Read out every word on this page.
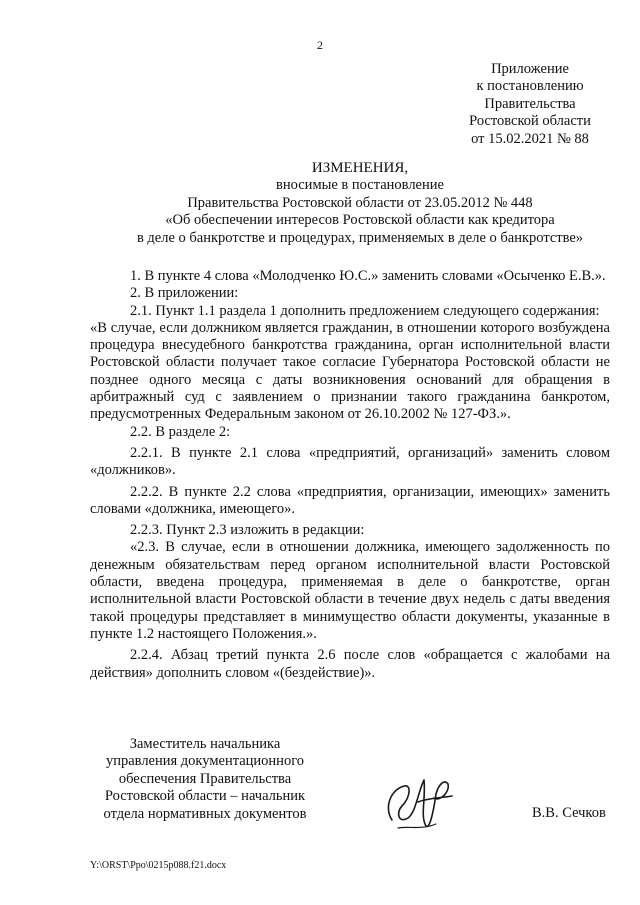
2
Приложение
к постановлению
Правительства
Ростовской области
от 15.02.2021 № 88
ИЗМЕНЕНИЯ,
вносимые в постановление
Правительства Ростовской области от 23.05.2012 № 448
«Об обеспечении интересов Ростовской области как кредитора
в деле о банкротстве и процедурах, применяемых в деле о банкротстве»

1. В пункте 4 слова «Молодченко Ю.С.» заменить словами «Осыченко Е.В.».

2. В приложении:

2.1. Пункт 1.1 раздела 1 дополнить предложением следующего содержания:

«В случае, если должником является гражданин, в отношении которого возбуждена процедура внесудебного банкротства гражданина, орган исполнительной власти Ростовской области получает такое согласие Губернатора Ростовской области не позднее одного месяца с даты возникновения оснований для обращения в арбитражный суд с заявлением о признании такого гражданина банкротом, предусмотренных Федеральным законом от 26.10.2002 № 127-ФЗ.».

2.2. В разделе 2:

2.2.1. В пункте 2.1 слова «предприятий, организаций» заменить словом «должников».

2.2.2. В пункте 2.2 слова «предприятия, организации, имеющих» заменить словами «должника, имеющего».

2.2.3. Пункт 2.3 изложить в редакции:

«2.3. В случае, если в отношении должника, имеющего задолженность по денежным обязательствам перед органом исполнительной власти Ростовской области, введена процедура, применяемая в деле о банкротстве, орган исполнительной власти Ростовской области в течение двух недель с даты введения такой процедуры представляет в минимущество области документы, указанные в пункте 1.2 настоящего Положения.».

2.2.4. Абзац третий пункта 2.6 после слов «обращается с жалобами на действия» дополнить словом «(бездействие)».

Заместитель начальника
управления документационного
обеспечения Правительства
Ростовской области – начальник
отдела нормативных документов	В.В. Сечков
Y:\ORST\Ppo\0215p088.f21.docx
